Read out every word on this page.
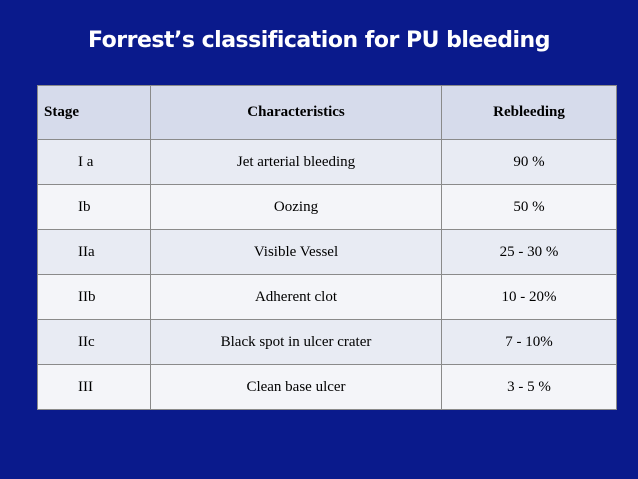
Forrest’s classification for PU bleeding
Stage	Characteristics	Rebleeding
I a	Jet arterial bleeding	90 %
Ib	Oozing	50 %
IIa	Visible Vessel	25 - 30 %
IIb	Adherent clot	10 - 20%
IIc	Black spot in ulcer crater	7 - 10%
III	Clean base ulcer	3 - 5 %
